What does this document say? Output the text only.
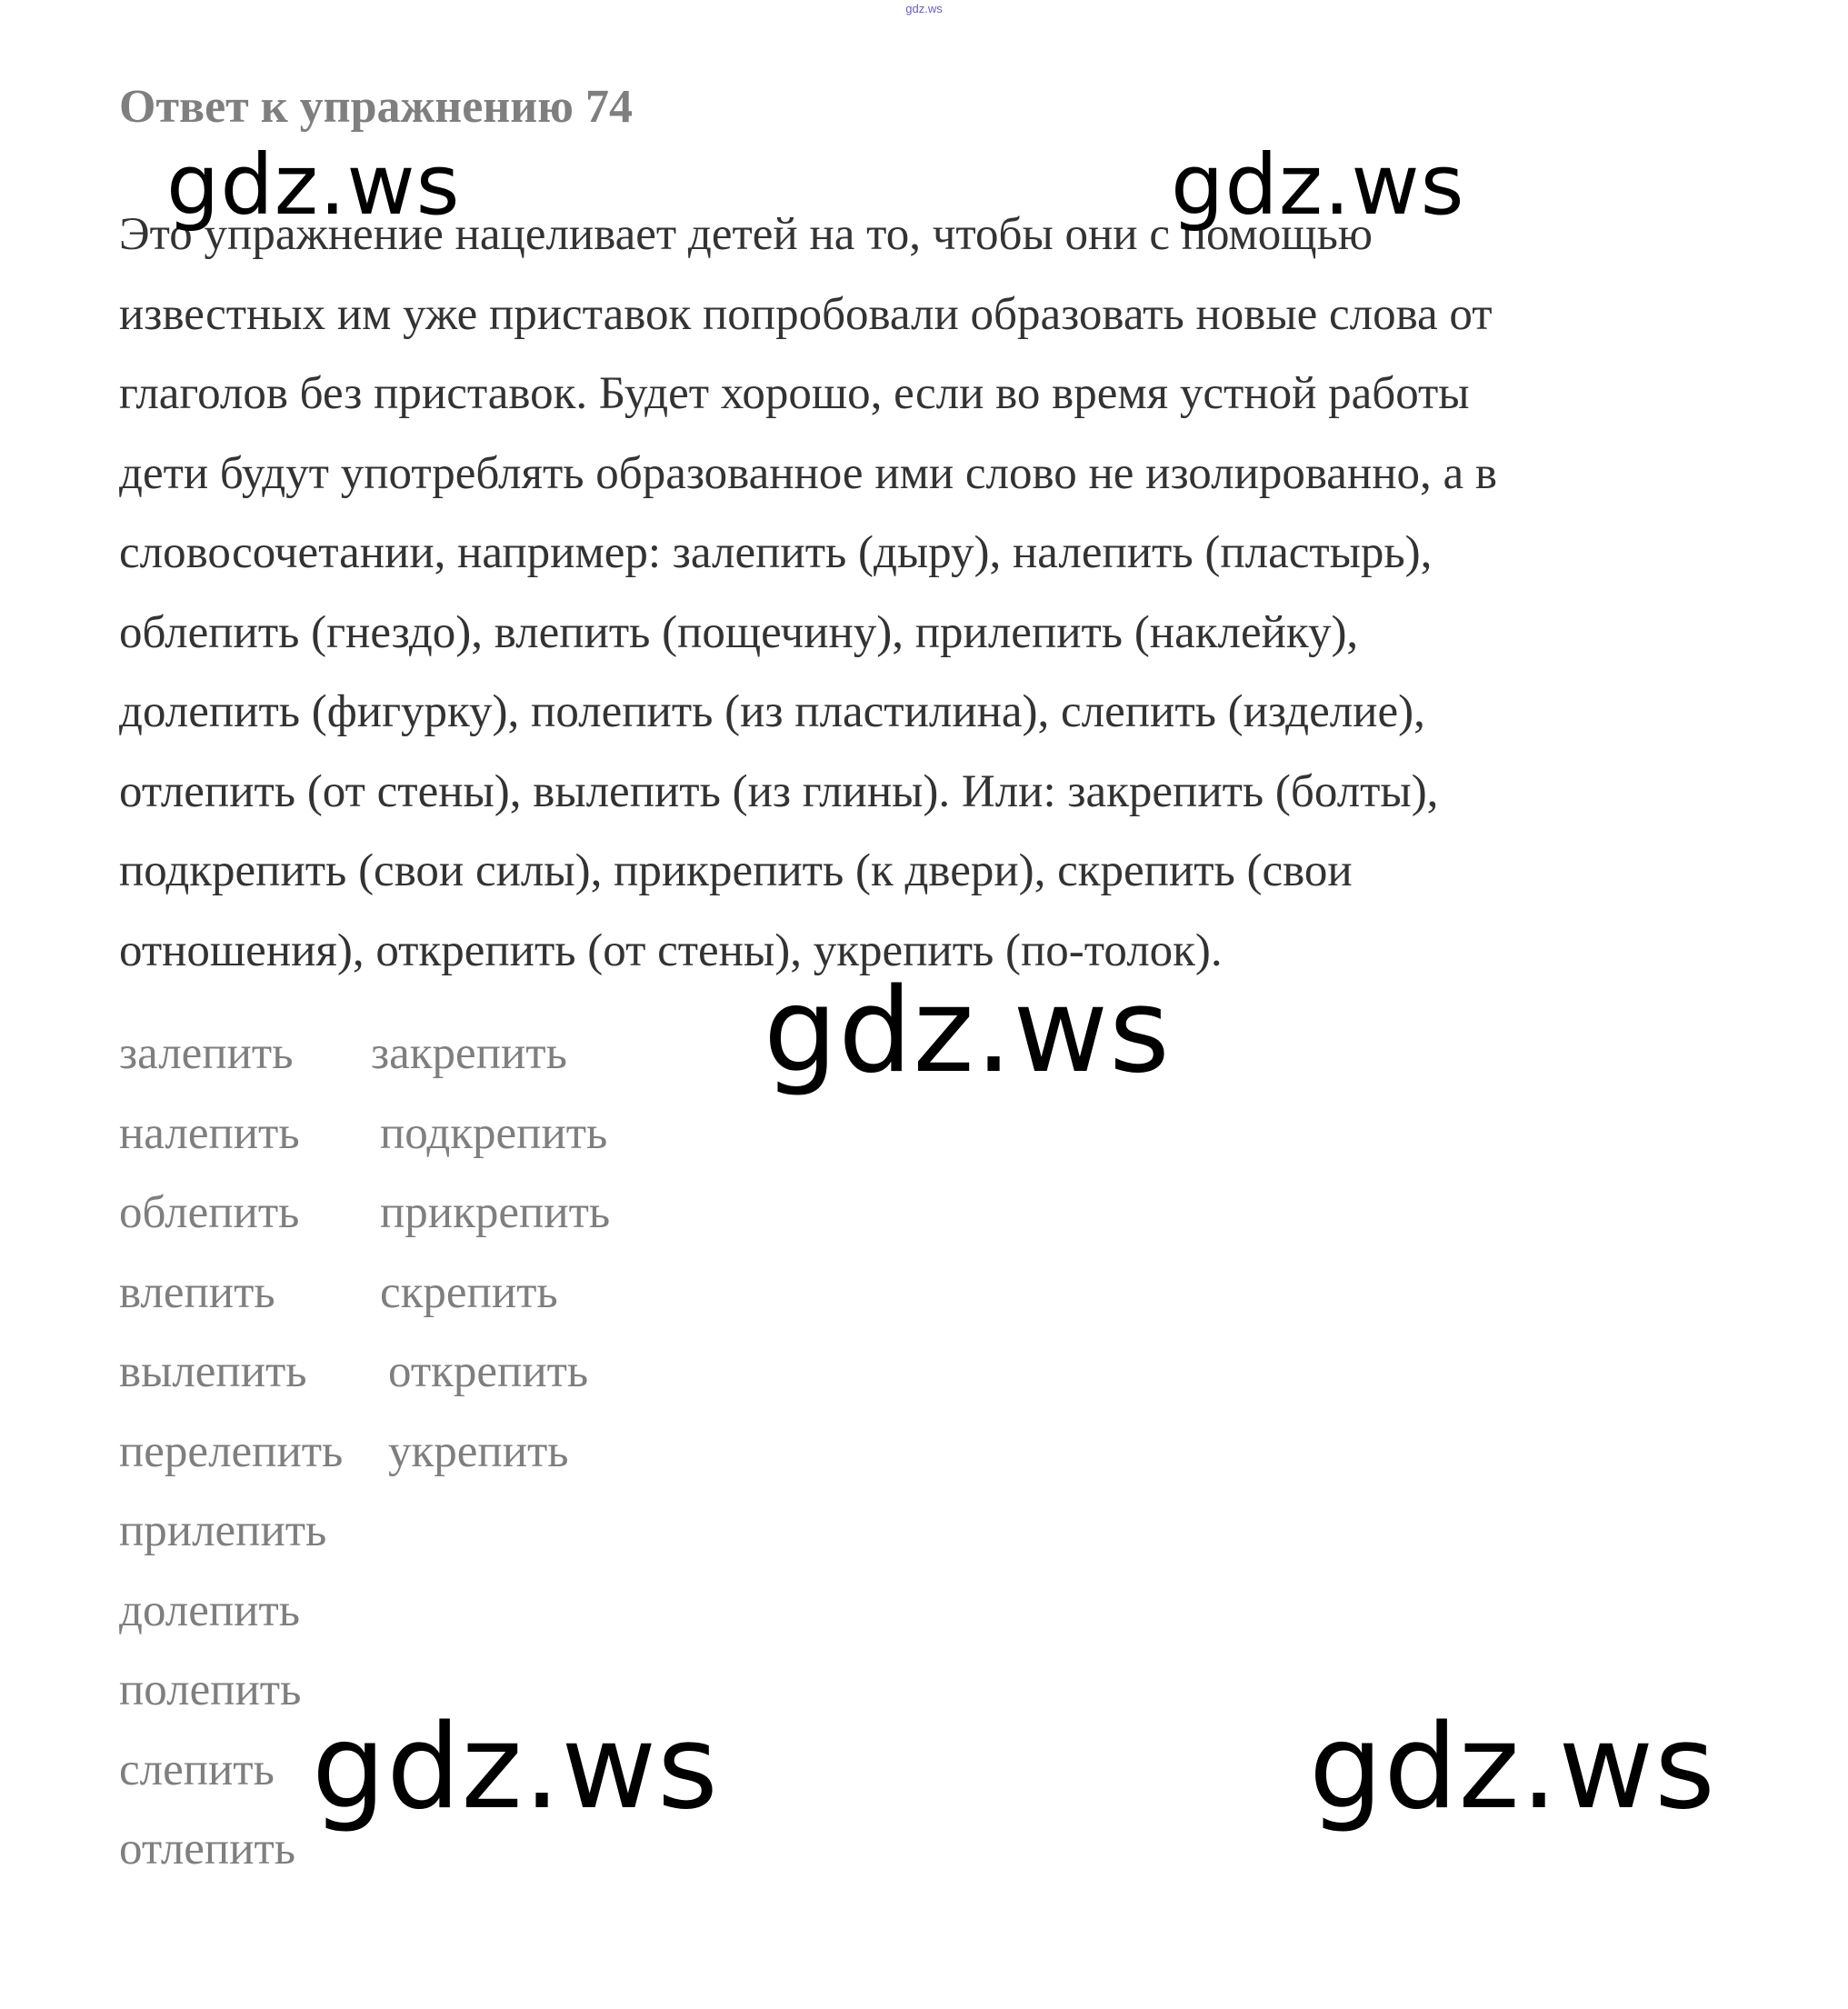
gdz.ws
Ответ к упражнению 74
Это упражнение нацеливает детей на то, чтобы они с помощью
известных им уже приставок попробовали образовать новые слова от
глаголов без приставок. Будет хорошо, если во время устной работы
дети будут употреблять образованное ими слово не изолированно, а в
словосочетании, например: залепить (дыру), налепить (пластырь),
облепить (гнездо), влепить (пощечину), прилепить (наклейку),
долепить (фигурку), полепить (из пластилина), слепить (изделие),
отлепить (от стены), вылепить (из глины). Или: закрепить (болты),
подкрепить (свои силы), прикрепить (к двери), скрепить (свои
отношения), открепить (от стены), укрепить (по-толок).
залепить закрепить
налепить подкрепить
облепить прикрепить
влепить скрепить
вылепить открепить
перелепить укрепить
прилепить
долепить
полепить
слепить
отлепить
gdz.ws	gdz.ws
gdz.ws
gdz.ws	gdz.ws
